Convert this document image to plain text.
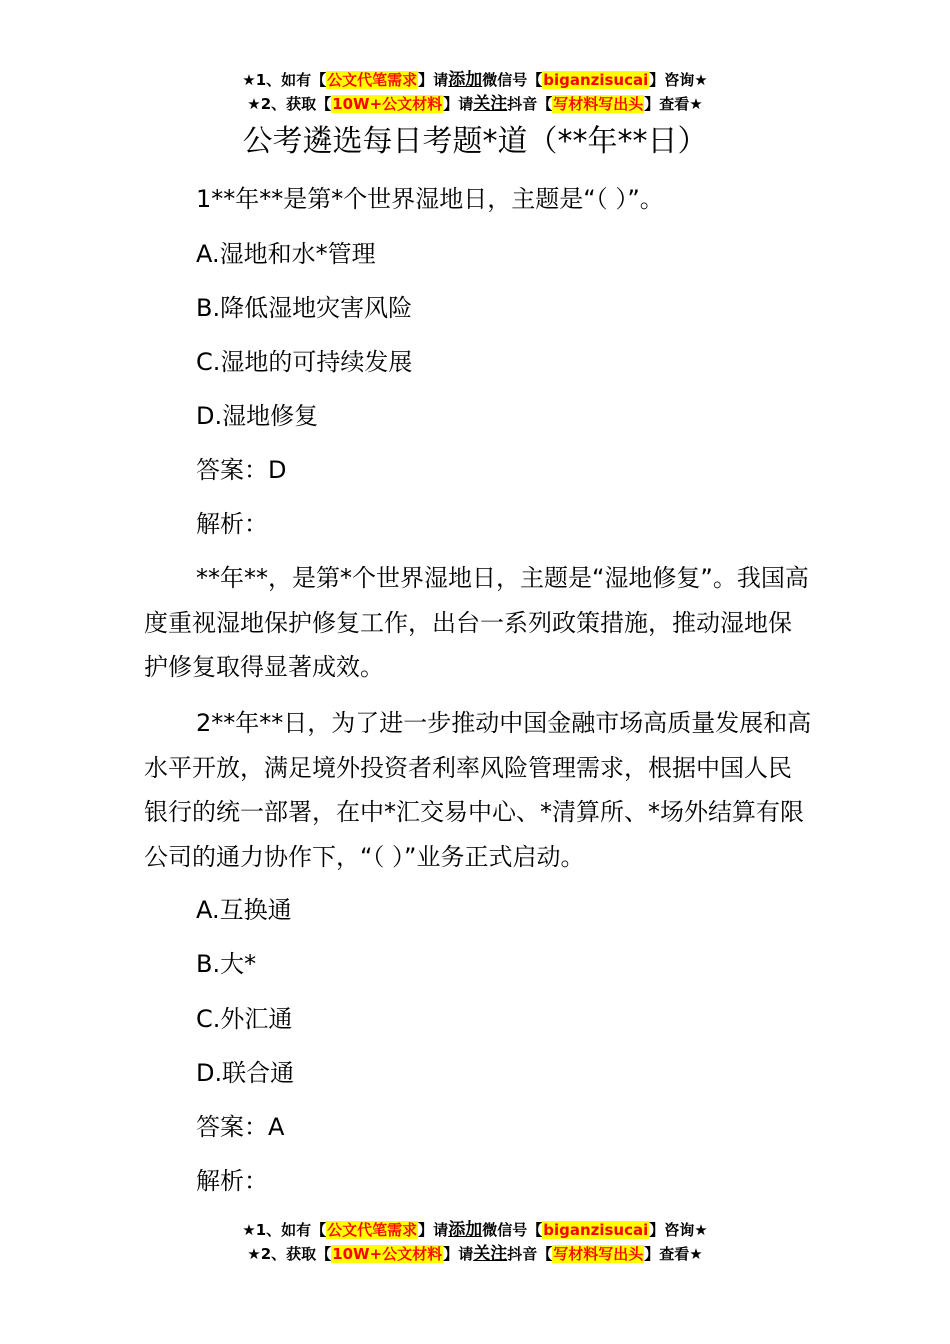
★1、如有【公文代笔需求】请添加微信号【biganzisucai】咨询★
★2、获取【10W+公文材料】请关注抖音【写材料写出头】查看★
公考遴选每日考题*道（**年**日）

1**年**是第*个世界湿地日，主题是“（ ）”。

A.湿地和水*管理

B.降低湿地灾害风险

C.湿地的可持续发展

D.湿地修复

答案：D

解析：

**年**，是第*个世界湿地日，主题是“湿地修复”。我国高度重视湿地保护修复工作，出台一系列政策措施，推动湿地保护修复取得显著成效。

2**年**日，为了进一步推动中国金融市场高质量发展和高水平开放，满足境外投资者利率风险管理需求，根据中国人民银行的统一部署，在中*汇交易中心、*清算所、*场外结算有限公司的通力协作下，“（ ）”业务正式启动。

A.互换通

B.大*

C.外汇通

D.联合通

答案：A

解析：

★1、如有【公文代笔需求】请添加微信号【biganzisucai】咨询★
★2、获取【10W+公文材料】请关注抖音【写材料写出头】查看★
